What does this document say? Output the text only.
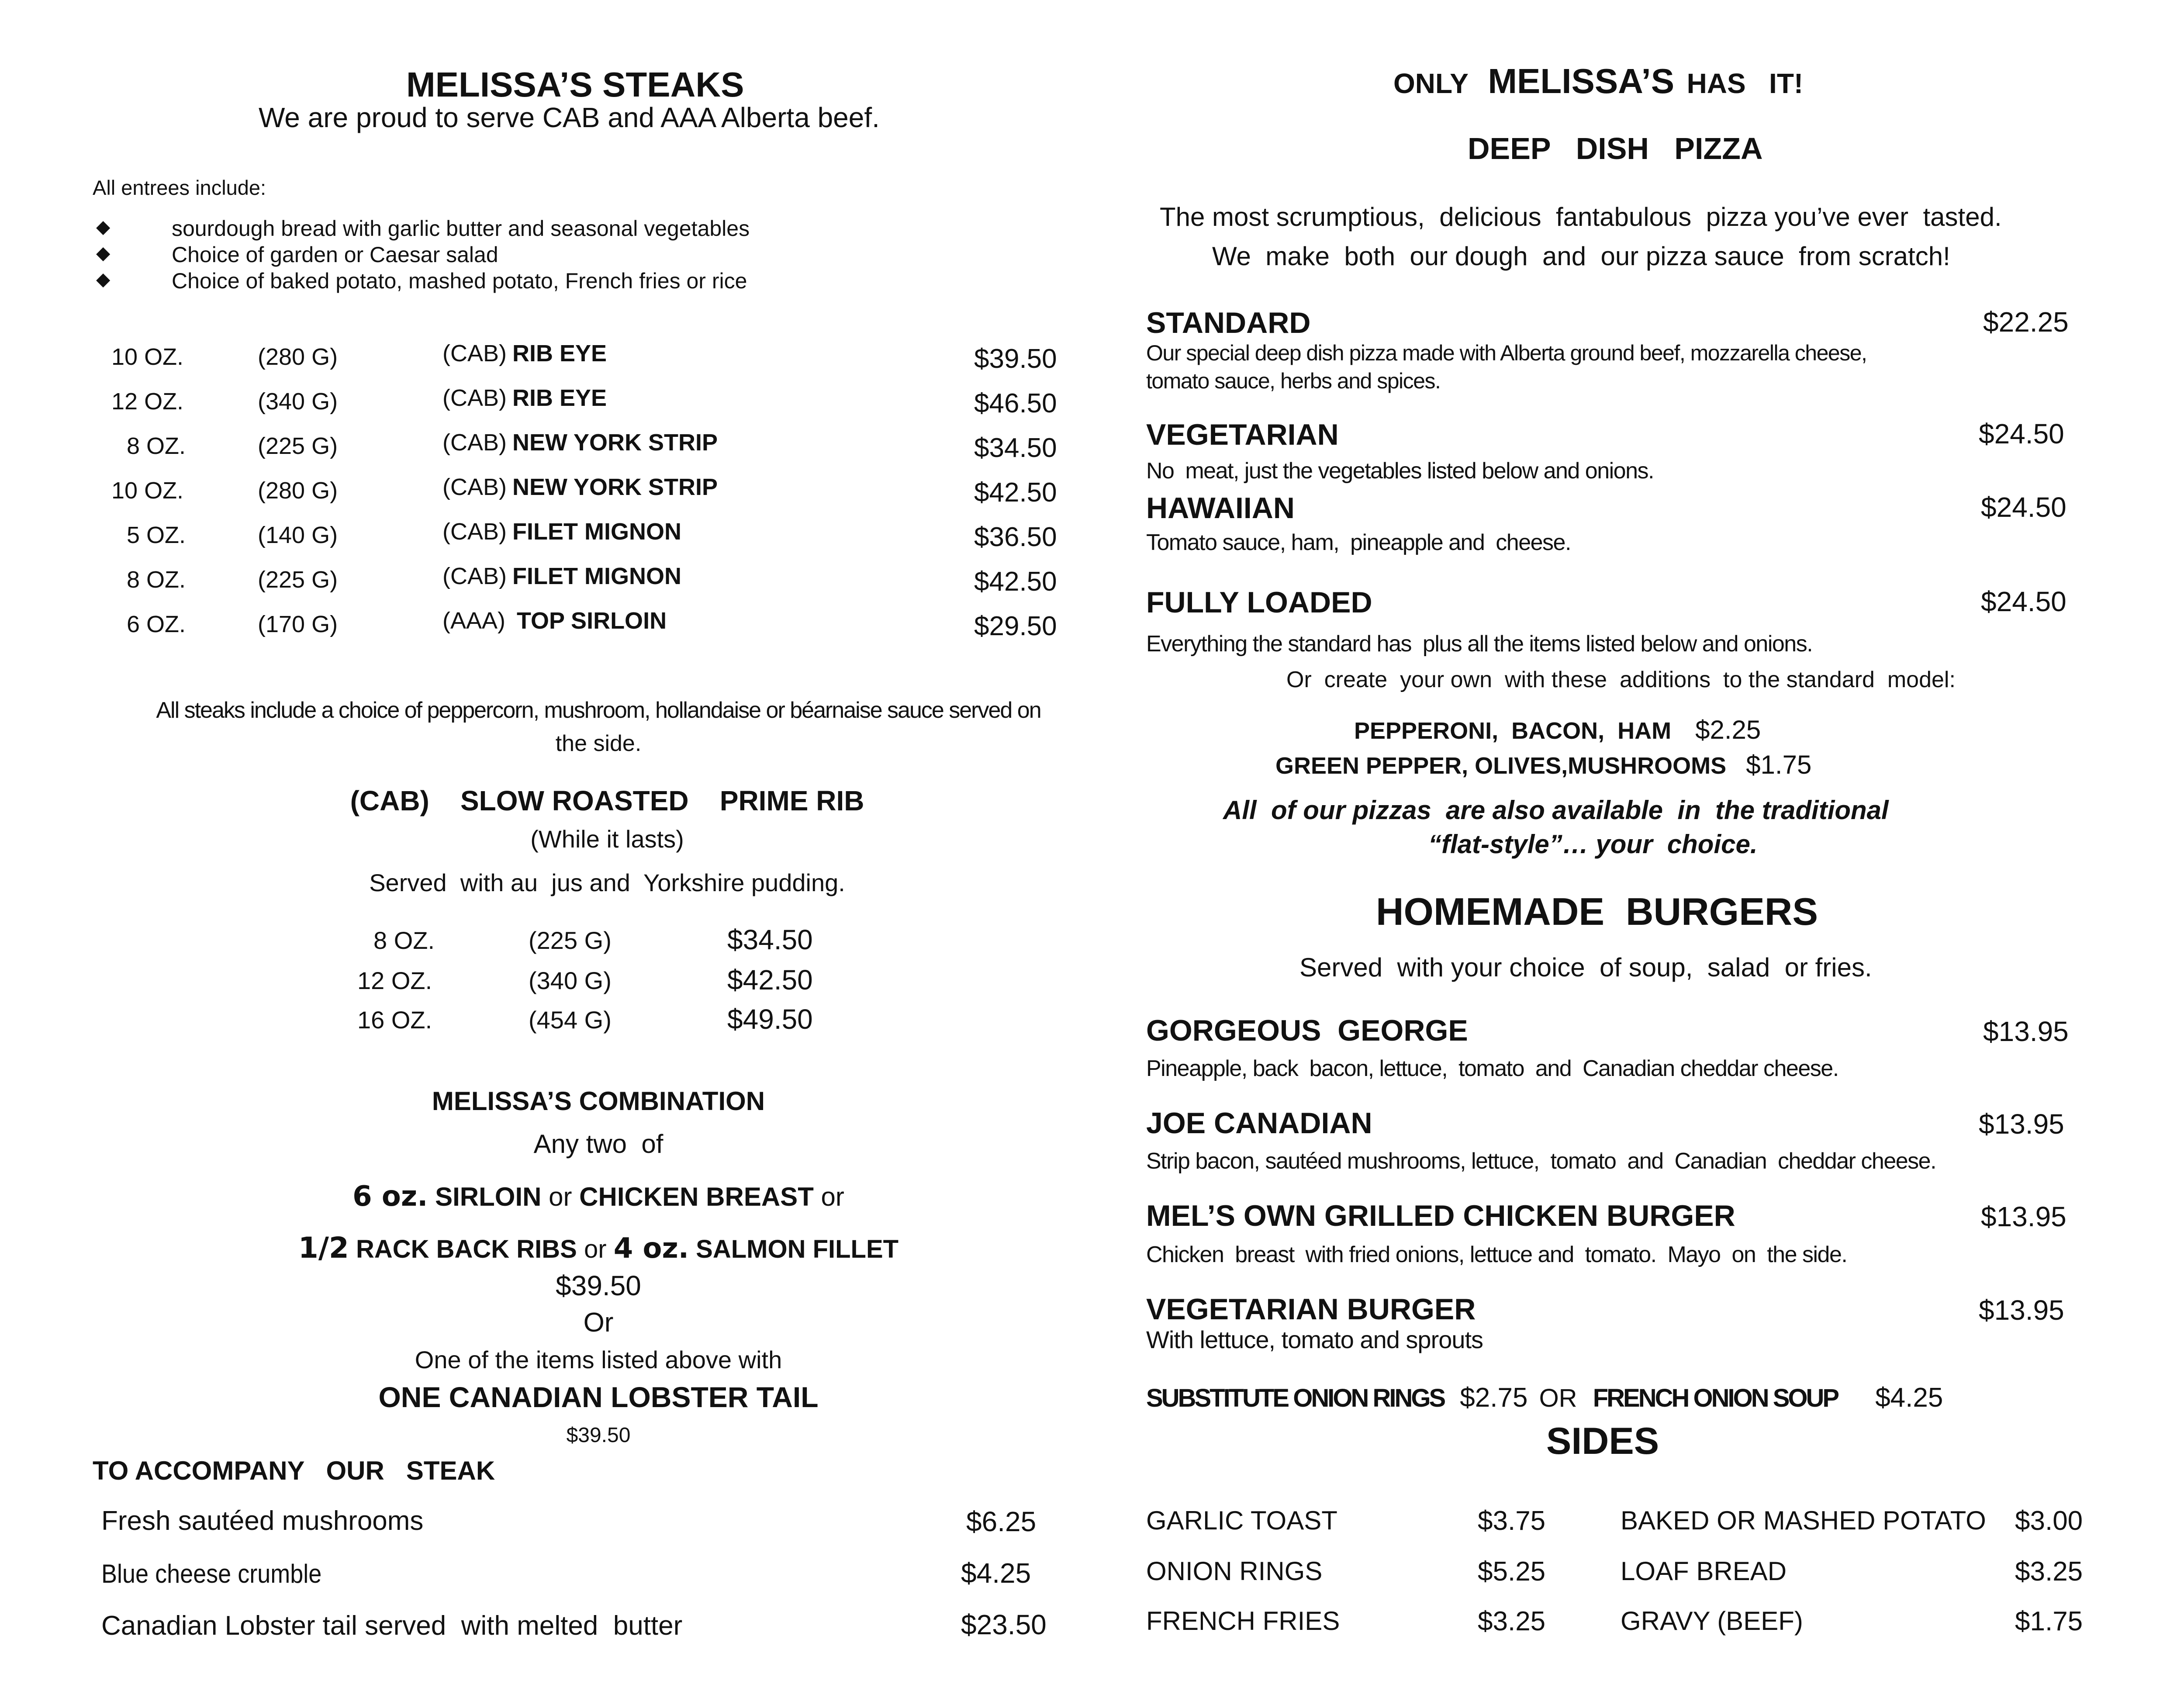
MELISSA’S STEAKS
We are proud to serve CAB and AAA Alberta beef.
All entrees include:
◆	sourdough bread with garlic butter and seasonal vegetables
◆	Choice of garden or Caesar salad
◆	Choice of baked potato, mashed potato, French fries or rice
10 OZ.	(280 G)	(CAB) RIB EYE	$39.50
12 OZ.	(340 G)	(CAB) RIB EYE	$46.50
8 OZ.	(225 G)	(CAB) NEW YORK STRIP	$34.50
10 OZ.	(280 G)	(CAB) NEW YORK STRIP	$42.50
5 OZ.	(140 G)	(CAB) FILET MIGNON	$36.50
8 OZ.	(225 G)	(CAB) FILET MIGNON	$42.50
6 OZ.	(170 G)	(AAA) TOP SIRLOIN	$29.50
All steaks include a choice of peppercorn, mushroom, hollandaise or béarnaise sauce served on
the side.
(CAB)    SLOW ROASTED    PRIME RIB
(While it lasts)
Served  with au  jus and  Yorkshire pudding.
8 OZ.	(225 G)	$34.50
12 OZ.	(340 G)	$42.50
16 OZ.	(454 G)	$49.50
MELISSA’S COMBINATION
Any two  of
6 oz. SIRLOIN or CHICKEN BREAST or
1/2 RACK BACK RIBS or 4 oz. SALMON FILLET
$39.50
Or
One of the items listed above with
ONE CANADIAN LOBSTER TAIL
$39.50
TO ACCOMPANY   OUR   STEAK
Fresh sautéed mushrooms	$6.25
Blue cheese crumble	$4.25
Canadian Lobster tail served  with melted  butter	$23.50
ONLY MELISSA’S HAS   IT!
DEEP   DISH   PIZZA
The most scrumptious,  delicious  fantabulous  pizza you’ve ever  tasted.
We  make  both  our dough  and  our pizza sauce  from scratch!
STANDARD	$22.25
Our special deep dish pizza made with Alberta ground beef, mozzarella cheese, tomato sauce, herbs and spices.
VEGETARIAN	$24.50
No  meat, just the vegetables listed below and onions.
HAWAIIAN	$24.50
Tomato sauce, ham,  pineapple and  cheese.
FULLY LOADED	$24.50
Everything the standard has  plus all the items listed below and onions.
Or  create  your own  with these  additions  to the standard  model:
PEPPERONI,  BACON,  HAM $2.25
GREEN PEPPER, OLIVES,MUSHROOMS $1.75
All  of our pizzas  are also available  in  the traditional
“flat-style”… your  choice.
HOMEMADE  BURGERS
Served  with your choice  of soup,  salad  or fries.
GORGEOUS  GEORGE	$13.95
Pineapple, back  bacon, lettuce,  tomato  and  Canadian cheddar cheese.
JOE CANADIAN	$13.95
Strip bacon, sautéed mushrooms, lettuce,  tomato  and  Canadian  cheddar cheese.
MEL’S OWN GRILLED CHICKEN BURGER	$13.95
Chicken  breast  with fried onions, lettuce and  tomato.  Mayo  on  the side.
VEGETARIAN BURGER	$13.95
With lettuce, tomato and sprouts
SUBSTITUTE ONION RINGS $2.75 OR FRENCH ONION SOUP $4.25
SIDES
GARLIC TOAST	$3.75	BAKED OR MASHED POTATO $3.00
ONION RINGS	$5.25	LOAF BREAD	$3.25
FRENCH FRIES	$3.25	GRAVY (BEEF)	$1.75
